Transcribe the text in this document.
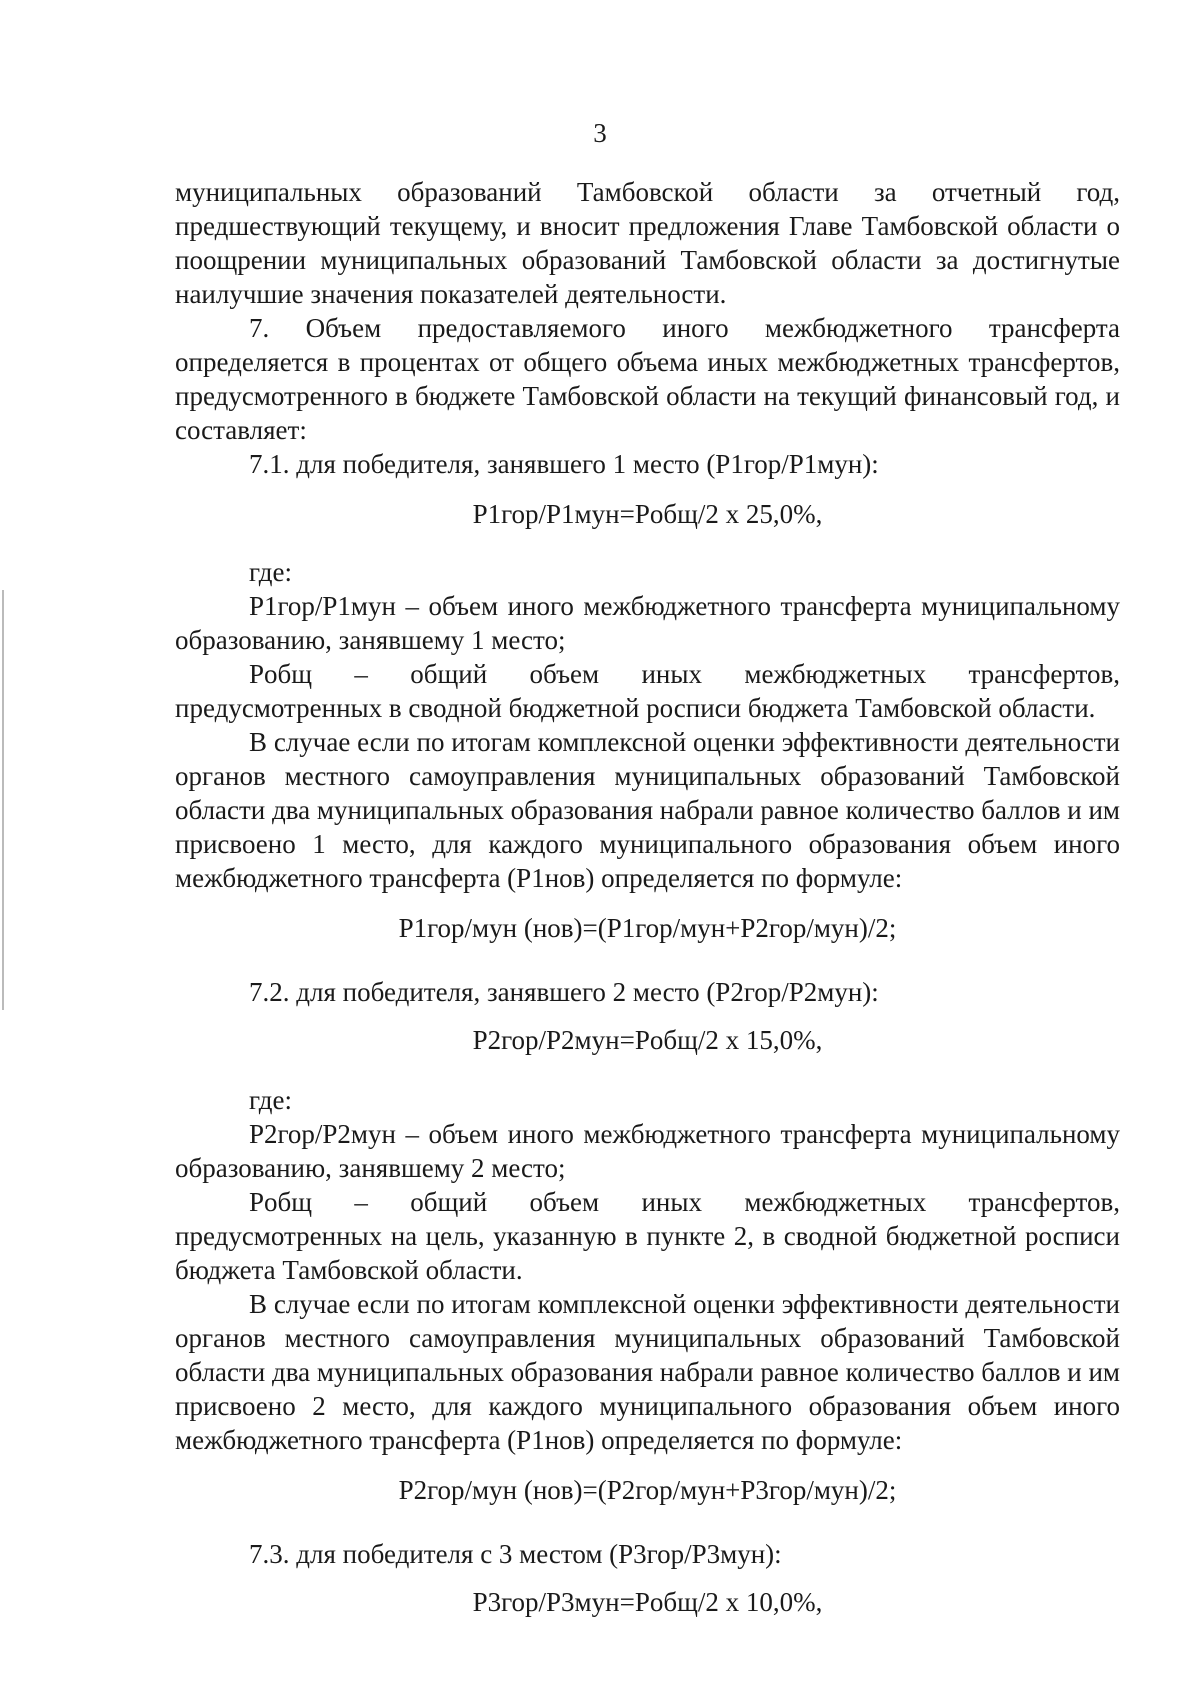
3

муниципальных образований Тамбовской области за отчетный год, предшествующий текущему, и вносит предложения Главе Тамбовской области о поощрении муниципальных образований Тамбовской области за достигнутые наилучшие значения показателей деятельности.

7. Объем предоставляемого иного межбюджетного трансферта определяется в процентах от общего объема иных межбюджетных трансфертов, предусмотренного в бюджете Тамбовской области на текущий финансовый год, и составляет:

7.1. для победителя, занявшего 1 место (P1гор/P1мун):

P1гор/P1мун=Pобщ/2 х 25,0%,

где:

P1гор/P1мун – объем иного межбюджетного трансферта муниципальному образованию, занявшему 1 место;

Pобщ – общий объем иных межбюджетных трансфертов, предусмотренных в сводной бюджетной росписи бюджета Тамбовской области.

В случае если по итогам комплексной оценки эффективности деятельности органов местного самоуправления муниципальных образований Тамбовской области два муниципальных образования набрали равное количество баллов и им присвоено 1 место, для каждого муниципального образования объем иного межбюджетного трансферта (P1нов) определяется по формуле:

P1гор/мун (нов)=(P1гор/мун+P2гор/мун)/2;

7.2. для победителя, занявшего 2 место (P2гор/P2мун):

P2гор/P2мун=Pобщ/2 х 15,0%,

где:

P2гор/P2мун – объем иного межбюджетного трансферта муниципальному образованию, занявшему 2 место;

Pобщ – общий объем иных межбюджетных трансфертов, предусмотренных на цель, указанную в пункте 2, в сводной бюджетной росписи бюджета Тамбовской области.

В случае если по итогам комплексной оценки эффективности деятельности органов местного самоуправления муниципальных образований Тамбовской области два муниципальных образования набрали равное количество баллов и им присвоено 2 место, для каждого муниципального образования объем иного межбюджетного трансферта (P1нов) определяется по формуле:

P2гор/мун (нов)=(P2гор/мун+P3гор/мун)/2;

7.3. для победителя с 3 местом (P3гор/P3мун):

P3гор/P3мун=Pобщ/2 х 10,0%,
